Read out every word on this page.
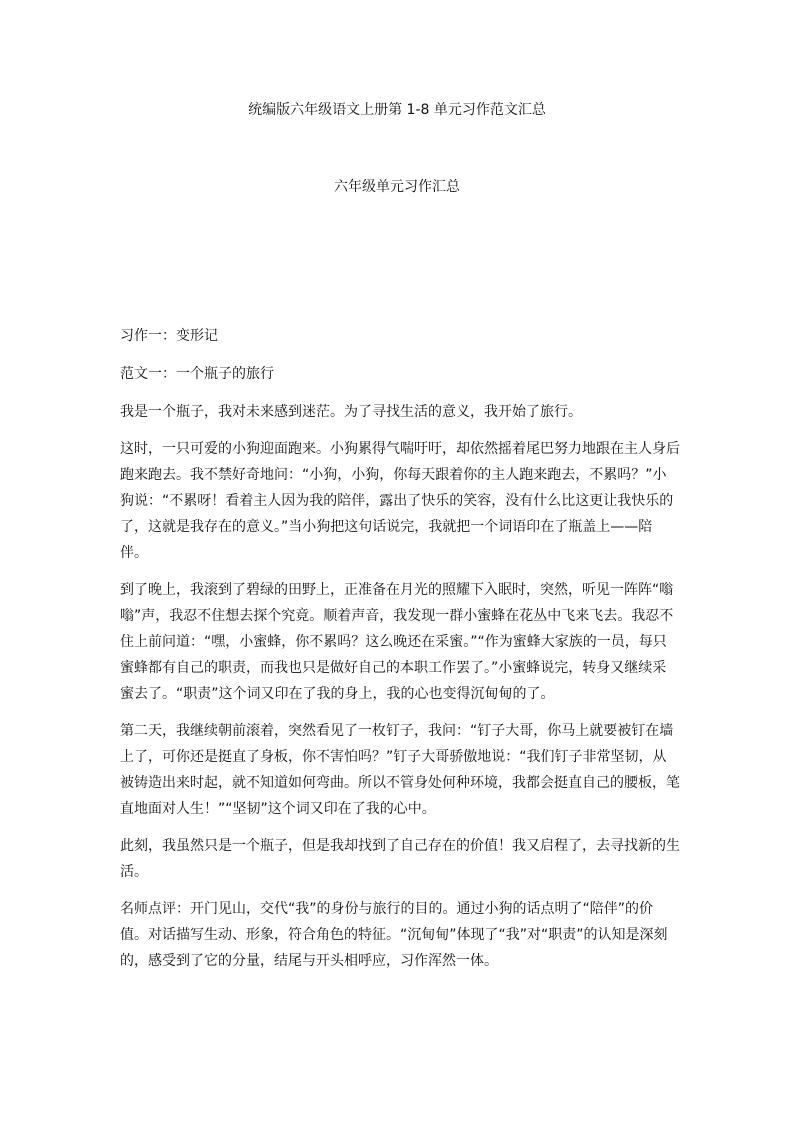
统编版六年级语文上册第 1-8 单元习作范文汇总
六年级单元习作汇总

习作一：变形记

范文一：一个瓶子的旅行

我是一个瓶子，我对未来感到迷茫。为了寻找生活的意义，我开始了旅行。

这时，一只可爱的小狗迎面跑来。小狗累得气喘吁吁，却依然摇着尾巴努力地跟在主人身后跑来跑去。我不禁好奇地问：“小狗，小狗，你每天跟着你的主人跑来跑去，不累吗？”小狗说：“不累呀！看着主人因为我的陪伴，露出了快乐的笑容，没有什么比这更让我快乐的了，这就是我存在的意义。”当小狗把这句话说完，我就把一个词语印在了瓶盖上——陪伴。

到了晚上，我滚到了碧绿的田野上，正准备在月光的照耀下入眠时，突然，听见一阵阵“嗡嗡”声，我忍不住想去探个究竟。顺着声音，我发现一群小蜜蜂在花丛中飞来飞去。我忍不住上前问道：“嘿，小蜜蜂，你不累吗？这么晚还在采蜜。”“作为蜜蜂大家族的一员，每只蜜蜂都有自己的职责，而我也只是做好自己的本职工作罢了。”小蜜蜂说完，转身又继续采蜜去了。“职责”这个词又印在了我的身上，我的心也变得沉甸甸的了。

第二天，我继续朝前滚着，突然看见了一枚钉子，我问：“钉子大哥，你马上就要被钉在墙上了，可你还是挺直了身板，你不害怕吗？”钉子大哥骄傲地说：“我们钉子非常坚韧，从被铸造出来时起，就不知道如何弯曲。所以不管身处何种环境，我都会挺直自己的腰板，笔直地面对人生！”“坚韧”这个词又印在了我的心中。

此刻，我虽然只是一个瓶子，但是我却找到了自己存在的价值！我又启程了，去寻找新的生活。

名师点评：开门见山，交代“我”的身份与旅行的目的。通过小狗的话点明了“陪伴”的价值。对话描写生动、形象，符合角色的特征。“沉甸甸”体现了“我”对“职责”的认知是深刻的，感受到了它的分量，结尾与开头相呼应，习作浑然一体。
